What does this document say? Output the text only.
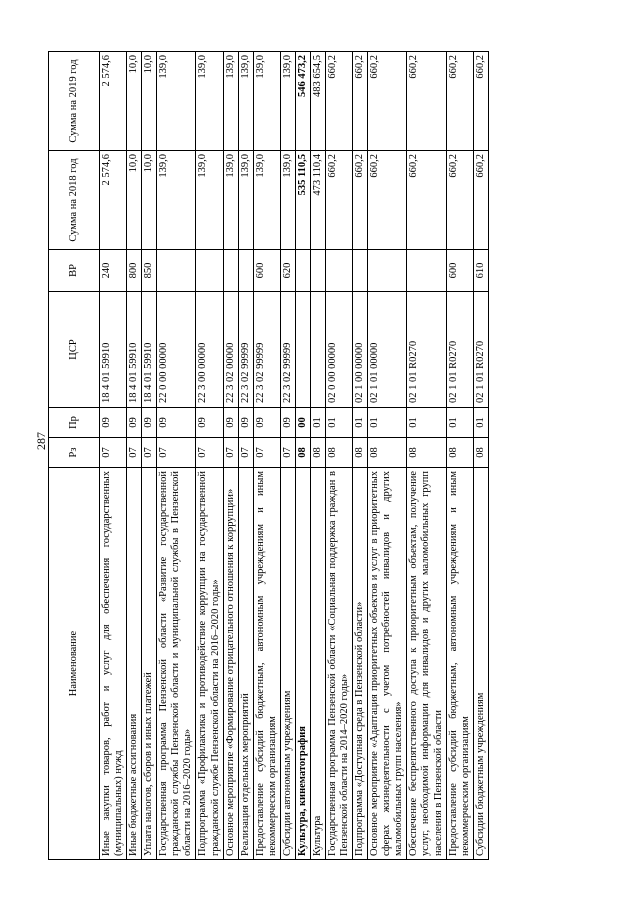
287
Наименование	Рз	Пр	ЦСР	ВР	Сумма на 2018 год	Сумма на 2019 год
Иные закупки товаров, работ и услуг для обеспечения государственных (муниципальных) нужд	07	09	18 4 01 59910	240	2 574,6	2 574,6
Иные бюджетные ассигнования	07	09	18 4 01 59910	800	10,0	10,0
Уплата налогов, сборов и иных платежей	07	09	18 4 01 59910	850	10,0	10,0
Государственная программа Пензенской области «Развитие государственной гражданской службы Пензенской области и муниципальной службы в Пензенской области на 2016–2020 годы»	07	09	22 0 00 00000		139,0	139,0
Подпрограмма «Профилактика и противодействие коррупции на государственной гражданской службе Пензенской области на 2016–2020 годы»	07	09	22 3 00 00000		139,0	139,0
Основное мероприятие «Формирование отрицательного отношения к коррупции»	07	09	22 3 02 00000		139,0	139,0
Реализация отдельных мероприятий	07	09	22 3 02 99999		139,0	139,0
Предоставление субсидий бюджетным, автономным учреждениям и иным некоммерческим организациям	07	09	22 3 02 99999	600	139,0	139,0
Субсидии автономным учреждениям	07	09	22 3 02 99999	620	139,0	139,0
Культура, кинематография	08	00			535 110,5	546 473,2
Культура	08	01			473 110,4	483 654,5
Государственная программа Пензенской области «Социальная поддержка граждан в Пензенской области на 2014–2020 годы»	08	01	02 0 00 00000		660,2	660,2
Подпрограмма «Доступная среда в Пензенской области»	08	01	02 1 00 00000		660,2	660,2
Основное мероприятие «Адаптация приоритетных объектов и услуг в приоритетных сферах жизнедеятельности с учетом потребностей инвалидов и других маломобильных групп населения»	08	01	02 1 01 00000		660,2	660,2
Обеспечение беспрепятственного доступа к приоритетным объектам, получение услуг, необходимой информации для инвалидов и других маломобильных групп населения в Пензенской области	08	01	02 1 01 R0270		660,2	660,2
Предоставление субсидий бюджетным, автономным учреждениям и иным некоммерческим организациям	08	01	02 1 01 R0270	600	660,2	660,2
Субсидии бюджетным учреждениям	08	01	02 1 01 R0270	610	660,2	660,2
